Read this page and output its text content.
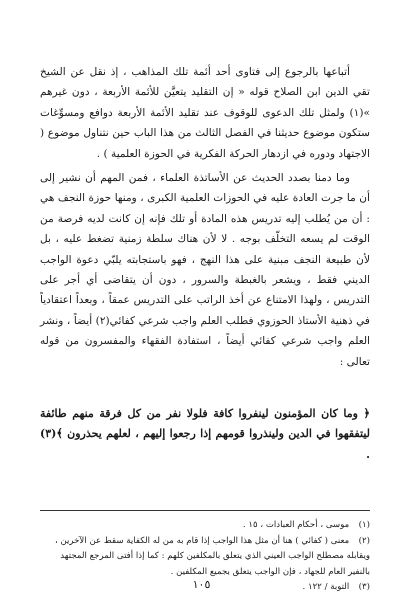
أتباعها بالرجوع إلى فتاوى أحد أئمة تلك المذاهب ، إذ نقل عن الشيخ تقي الدين ابن الصلاح قوله « إن التقليد يتعيَّن للأئمة الأربعة ، دون غيرهم »(١) ولمثل تلك الدعوى للوقوف عند تقليد الأئمة الأربعة دوافع ومسوِّغات ستكون موضوع حديثنا في الفصل الثالث من هذا الباب حين نتناول موضوع ( الاجتهاد ودوره في ازدهار الحركة الفكرية في الحوزة العلمية ) .

وما دمنا بصدد الحديث عن الأساتذة العلماء ، فمن المهم أن نشير إلى أن ما جرت العادة عليه في الحوزات العلمية الكبرى ، ومنها حوزة النجف هي : أن من يُطلب إليه تدريس هذه المادة أو تلك فإنه إن كانت لديه فرصة من الوقت لم يسعه التخلّف بوجه . لا لأن هناك سلطة زمنية تضغط عليه ، بل لأن طبيعة النجف مبنية على هذا النهج ، فهو باستجابته يلبّي دعوة الواجب الديني فقط ، ويشعر بالغبطة والسرور ، دون أن يتقاضى أي أجر على التدريس ، ولهذا الامتناع عن أخذ الراتب على التدريس عمقاً ، وبعداً اعتقادياً في ذهنية الأستاذ الحوزوي فطلب العلم واجب شرعي كفائي(٢) أيضاً ، ونشر العلم واجب شرعي كفائي أيضاً ، استفادة الفقهاء والمفسرون من قوله تعالى :

﴿ وما كان المؤمنون لينفروا كافة فلولا نفر من كل فرقة منهم طائفة ليتفقهوا في الدين ولينذروا قومهم إذا رجعوا إليهم ، لعلهم يحذرون ﴾(٣) .

(١) موسى ، أحكام العبادات ، ١٥ .

(٢) معنى ( كفائي ) هنا أن مثل هذا الواجب إذا قام به من له الكفاية سقط عن الآخرين ، ويقابله مصطلح الواجب العيني الذي يتعلق بالمكلفين كلهم : كما إذا أفتى المرجع المجتهد بالنفير العام للجهاد ، فإن الواجب يتعلق بجميع المكلفين .

(٣) التوبة / ١٢٢ .

١٠٥
